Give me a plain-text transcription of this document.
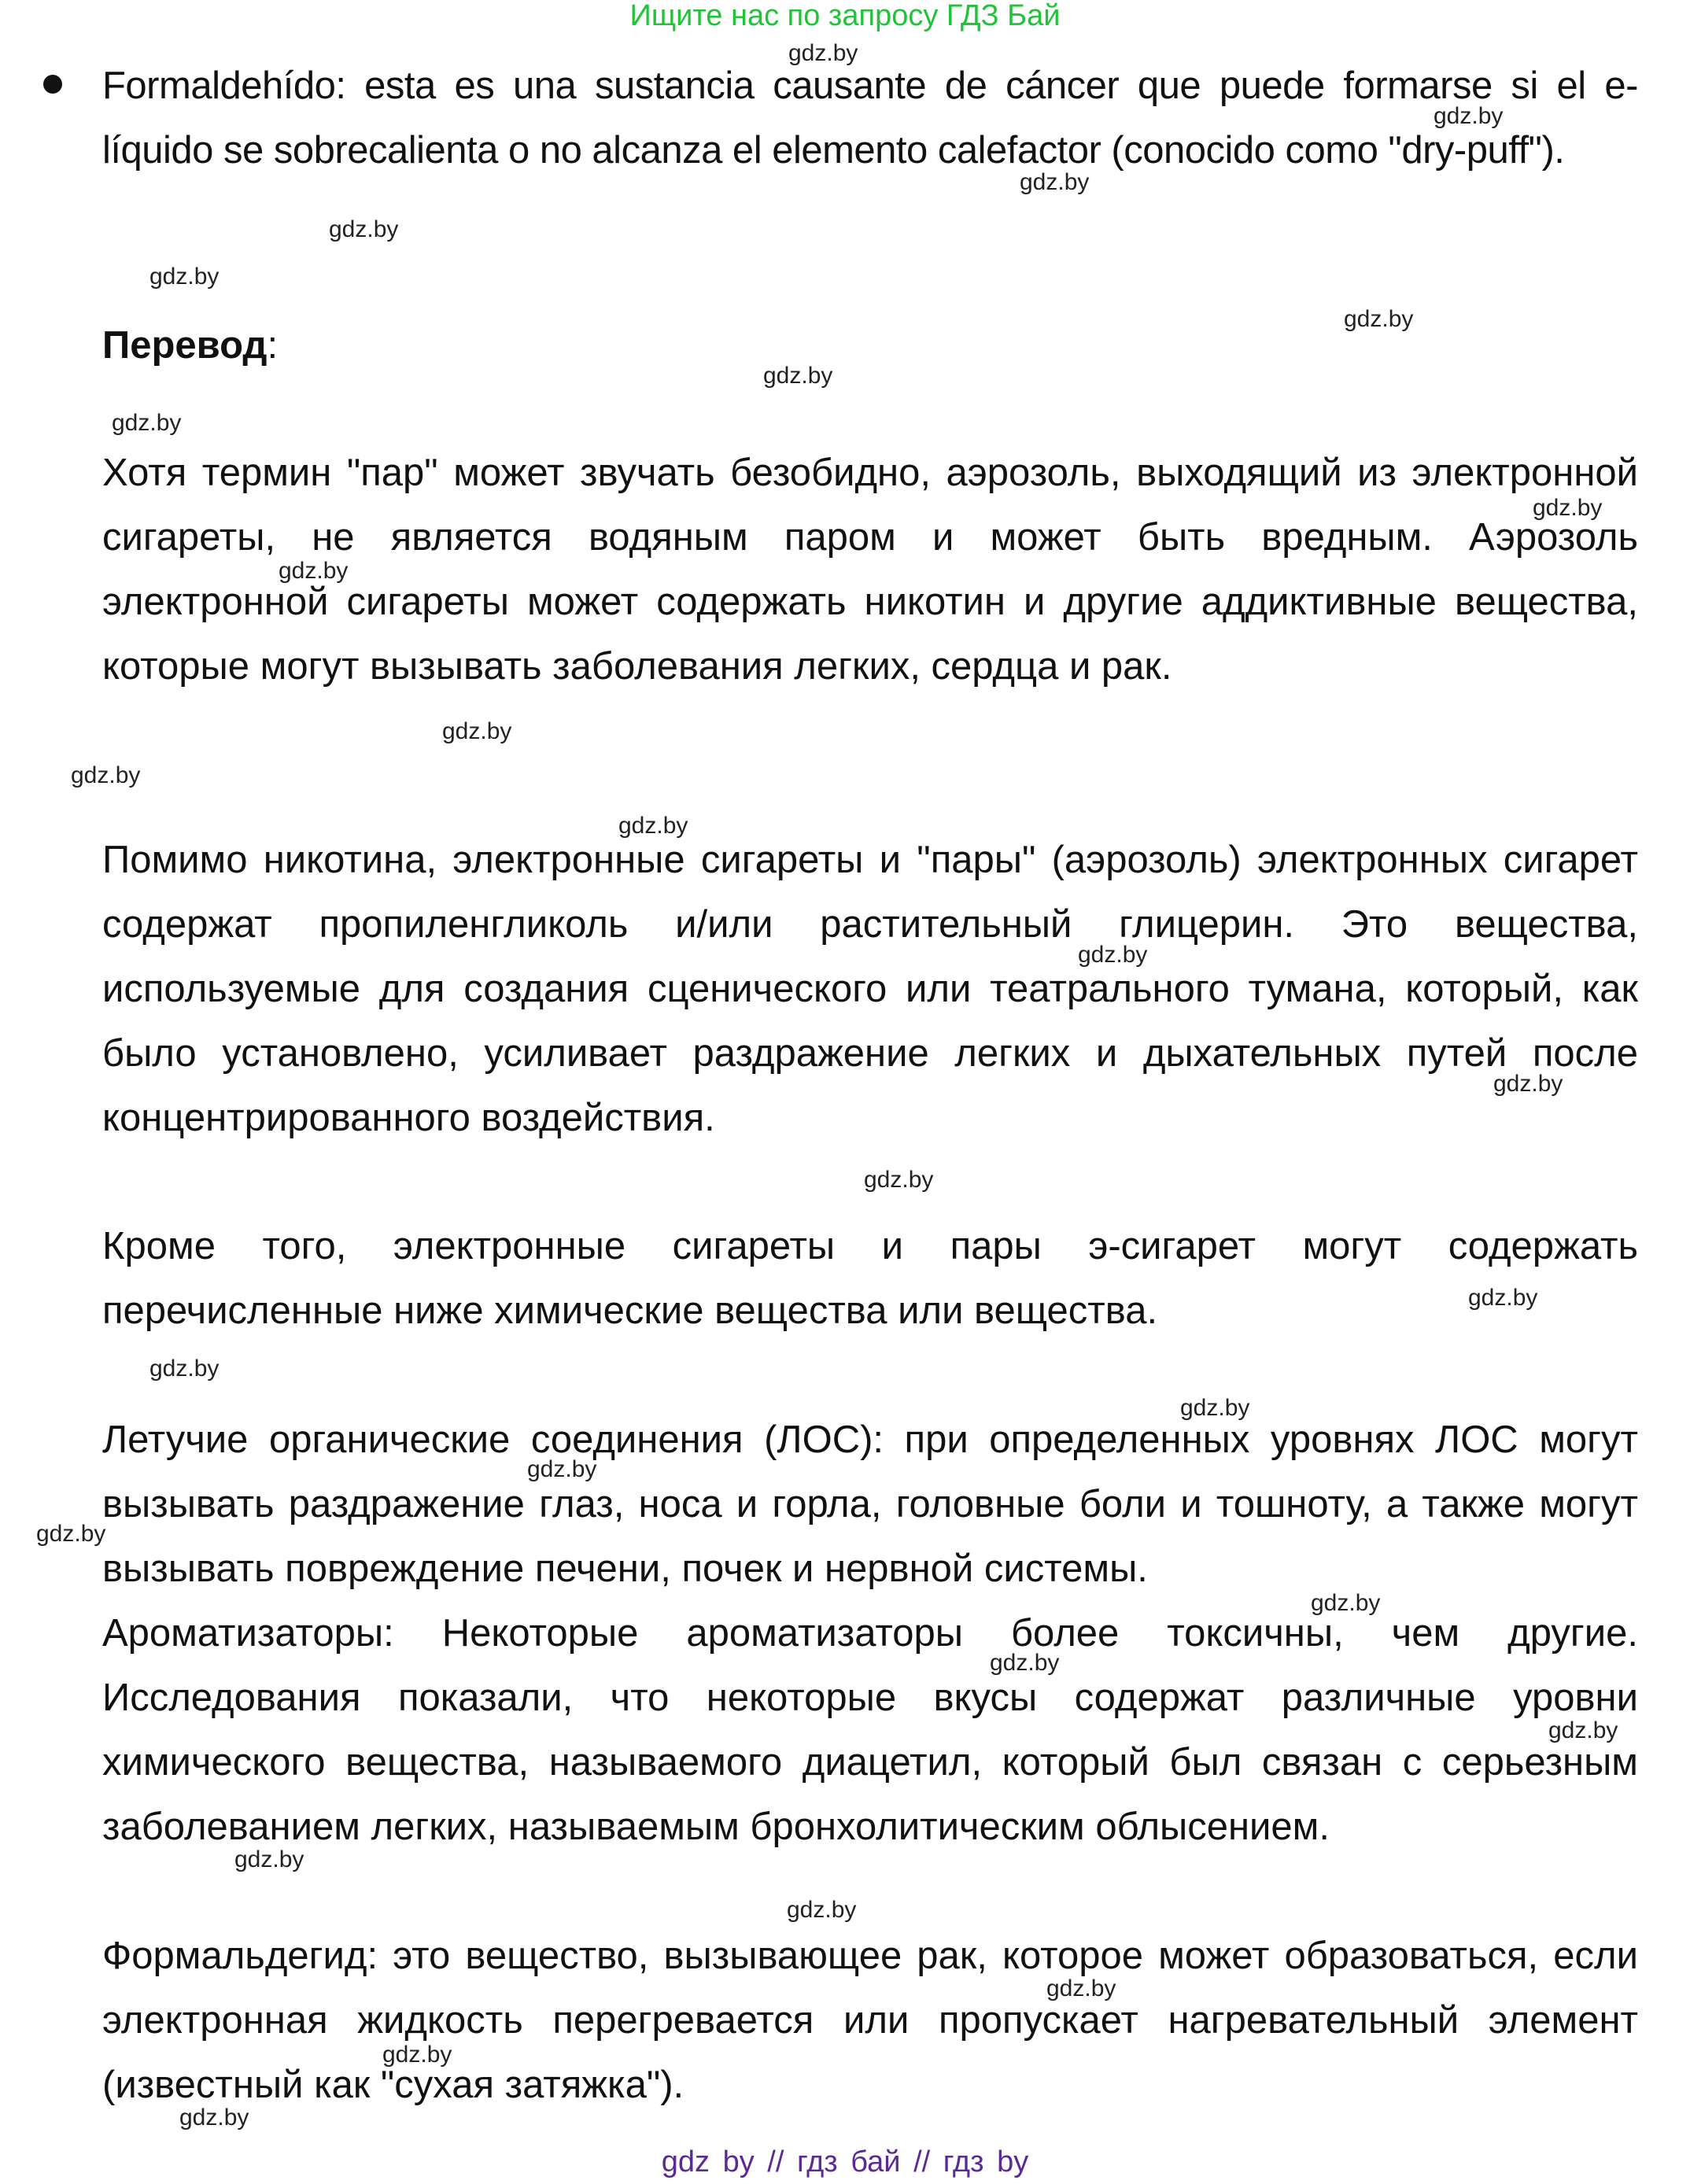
Ищите нас по запросу ГДЗ Бай
Formaldehído: esta es una sustancia causante de cáncer que puede formarse si el e-líquido se sobrecalienta o no alcanza el elemento calefactor (conocido como "dry-puff").
Перевод:
Хотя термин "пар" может звучать безобидно, аэрозоль, выходящий из электронной сигареты, не является водяным паром и может быть вредным. Аэрозоль электронной сигареты может содержать никотин и другие аддиктивные вещества, которые могут вызывать заболевания легких, сердца и рак.
Помимо никотина, электронные сигареты и "пары" (аэрозоль) электронных сигарет содержат пропиленгликоль и/или растительный глицерин. Это вещества, используемые для создания сценического или театрального тумана, который, как было установлено, усиливает раздражение легких и дыхательных путей после концентрированного воздействия.
Кроме того, электронные сигареты и пары э-сигарет могут содержать перечисленные ниже химические вещества или вещества.
Летучие органические соединения (ЛОС): при определенных уровнях ЛОС могут вызывать раздражение глаз, носа и горла, головные боли и тошноту, а также могут вызывать повреждение печени, почек и нервной системы.
Ароматизаторы: Некоторые ароматизаторы более токсичны, чем другие. Исследования показали, что некоторые вкусы содержат различные уровни химического вещества, называемого диацетил, который был связан с серьезным заболеванием легких, называемым бронхолитическим облысением.
Формальдегид: это вещество, вызывающее рак, которое может образоваться, если электронная жидкость перегревается или пропускает нагревательный элемент (известный как "сухая затяжка").
gdz.by
gdz.by
gdz.by
gdz.by
gdz.by
gdz.by
gdz.by
gdz.by
gdz.by
gdz.by
gdz.by
gdz.by
gdz.by
gdz.by
gdz.by
gdz.by
gdz.by
gdz.by
gdz.by
gdz.by
gdz.by
gdz.by
gdz.by
gdz.by
gdz.by
gdz.by
gdz.by
gdz.by
gdz.by
gdz by // гдз бай // гдз by
